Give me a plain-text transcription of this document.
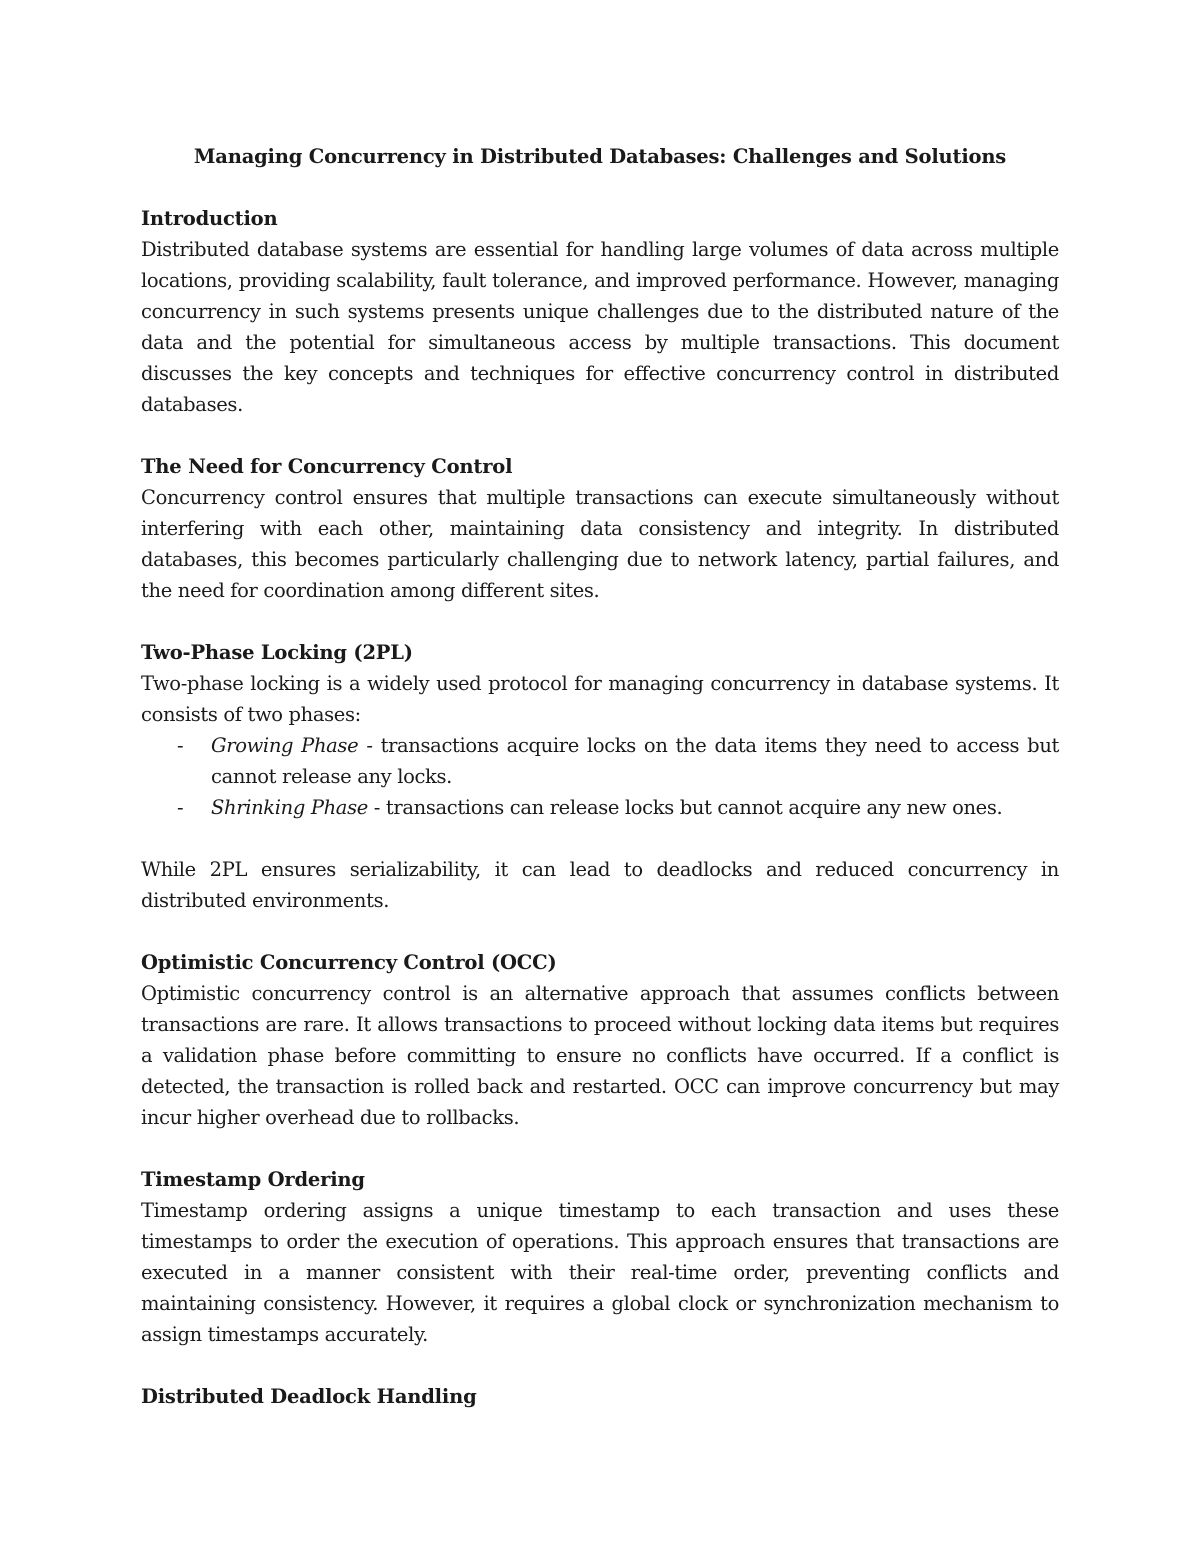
Managing Concurrency in Distributed Databases: Challenges and Solutions
Introduction

Distributed database systems are essential for handling large volumes of data across multiple locations, providing scalability, fault tolerance, and improved performance. However, managing concurrency in such systems presents unique challenges due to the distributed nature of the data and the potential for simultaneous access by multiple transactions. This document discusses the key concepts and techniques for effective concurrency control in distributed databases.

The Need for Concurrency Control

Concurrency control ensures that multiple transactions can execute simultaneously without interfering with each other, maintaining data consistency and integrity. In distributed databases, this becomes particularly challenging due to network latency, partial failures, and the need for coordination among different sites.

Two-Phase Locking (2PL)

Two-phase locking is a widely used protocol for managing concurrency in database systems. It consists of two phases:

- Growing Phase - transactions acquire locks on the data items they need to access but cannot release any locks.
- Shrinking Phase - transactions can release locks but cannot acquire any new ones.

While 2PL ensures serializability, it can lead to deadlocks and reduced concurrency in distributed environments.

Optimistic Concurrency Control (OCC)

Optimistic concurrency control is an alternative approach that assumes conflicts between transactions are rare. It allows transactions to proceed without locking data items but requires a validation phase before committing to ensure no conflicts have occurred. If a conflict is detected, the transaction is rolled back and restarted. OCC can improve concurrency but may incur higher overhead due to rollbacks.

Timestamp Ordering

Timestamp ordering assigns a unique timestamp to each transaction and uses these timestamps to order the execution of operations. This approach ensures that transactions are executed in a manner consistent with their real-time order, preventing conflicts and maintaining consistency. However, it requires a global clock or synchronization mechanism to assign timestamps accurately.

Distributed Deadlock Handling
